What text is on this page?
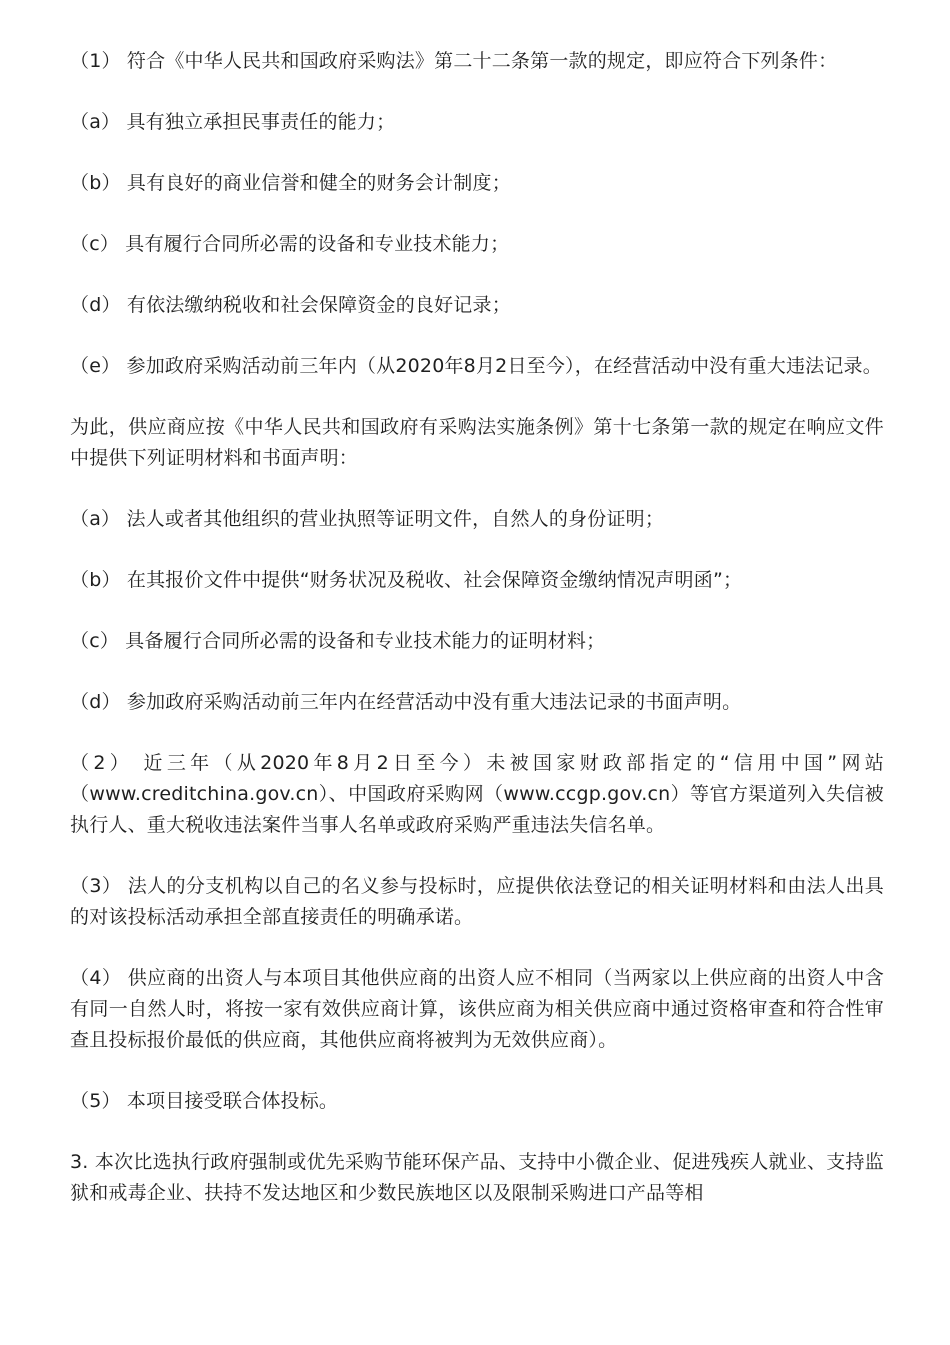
（1） 符合《中华人民共和国政府采购法》第二十二条第一款的规定，即应符合下列条件：

（a） 具有独立承担民事责任的能力；

（b） 具有良好的商业信誉和健全的财务会计制度；

（c） 具有履行合同所必需的设备和专业技术能力；

（d） 有依法缴纳税收和社会保障资金的良好记录；

（e） 参加政府采购活动前三年内（从2020年8月2日至今），在经营活动中没有重大违法记录。

为此，供应商应按《中华人民共和国政府有采购法实施条例》第十七条第一款的规定在响应文件中提供下列证明材料和书面声明：

（a） 法人或者其他组织的营业执照等证明文件，自然人的身份证明；

（b） 在其报价文件中提供“财务状况及税收、社会保障资金缴纳情况声明函”；

（c） 具备履行合同所必需的设备和专业技术能力的证明材料；

（d） 参加政府采购活动前三年内在经营活动中没有重大违法记录的书面声明。

（2） 近三年（从2020年8月2日至今）未被国家财政部指定的“信用中国”网站（www.creditchina.gov.cn）、中国政府采购网（www.ccgp.gov.cn）等官方渠道列入失信被执行人、重大税收违法案件当事人名单或政府采购严重违法失信名单。

（3） 法人的分支机构以自己的名义参与投标时，应提供依法登记的相关证明材料和由法人出具的对该投标活动承担全部直接责任的明确承诺。

（4） 供应商的出资人与本项目其他供应商的出资人应不相同（当两家以上供应商的出资人中含有同一自然人时，将按一家有效供应商计算，该供应商为相关供应商中通过资格审查和符合性审查且投标报价最低的供应商，其他供应商将被判为无效供应商）。

（5） 本项目接受联合体投标。

3. 本次比选执行政府强制或优先采购节能环保产品、支持中小微企业、促进残疾人就业、支持监狱和戒毒企业、扶持不发达地区和少数民族地区以及限制采购进口产品等相
